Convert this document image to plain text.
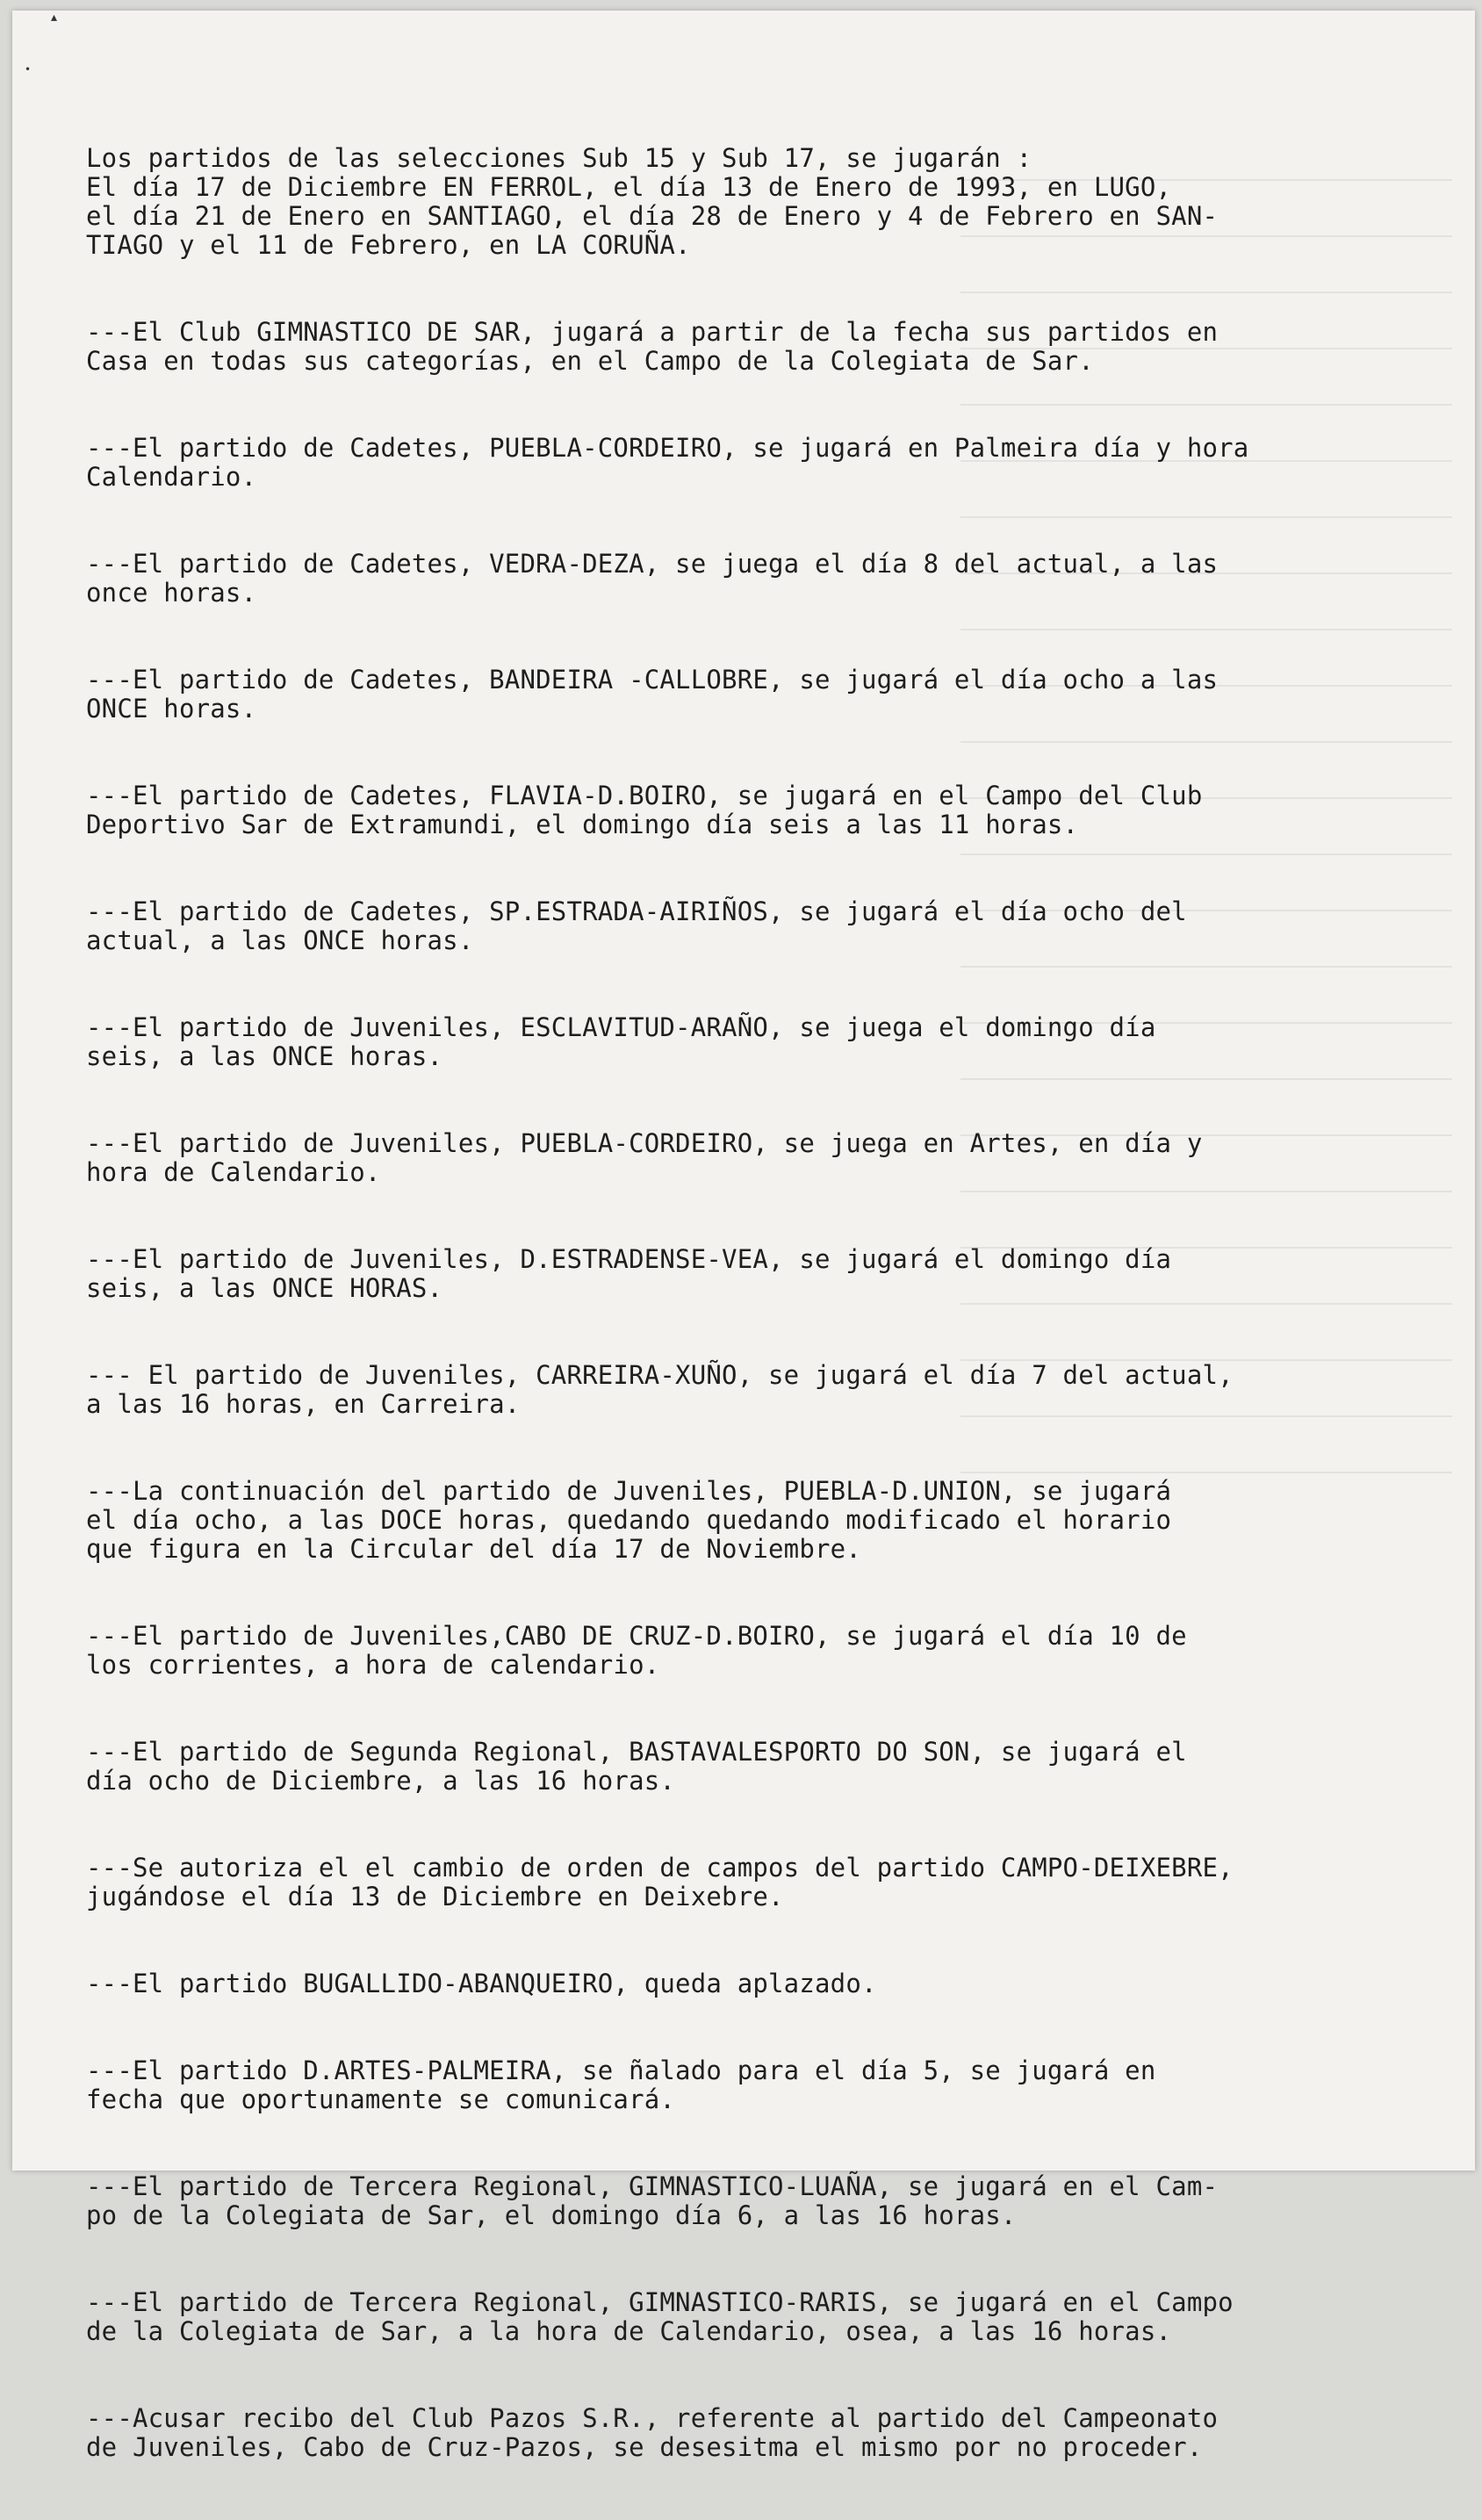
▴
•

Los partidos de las selecciones Sub 15 y Sub 17, se jugarán :
El día 17 de Diciembre EN FERROL, el día 13 de Enero de 1993, en LUGO,
el día 21 de Enero en SANTIAGO, el día 28 de Enero y 4 de Febrero en SAN-
TIAGO y el 11 de Febrero, en LA CORUÑA.

---El Club GIMNASTICO DE SAR, jugará a partir de la fecha sus partidos en
Casa en todas sus categorías, en el Campo de la Colegiata de Sar.

---El partido de Cadetes, PUEBLA-CORDEIRO, se jugará en Palmeira día y hora
Calendario.

---El partido de Cadetes, VEDRA-DEZA, se juega el día 8 del actual, a las
once horas.

---El partido de Cadetes, BANDEIRA -CALLOBRE, se jugará el día ocho a las
ONCE horas.

---El partido de Cadetes, FLAVIA-D.BOIRO, se jugará en el Campo del Club
Deportivo Sar de Extramundi, el domingo día seis a las 11 horas.

---El partido de Cadetes, SP.ESTRADA-AIRIÑOS, se jugará el día ocho del
actual, a las ONCE horas.

---El partido de Juveniles, ESCLAVITUD-ARAÑO, se juega el domingo día
seis, a las ONCE horas.

---El partido de Juveniles, PUEBLA-CORDEIRO, se juega en Artes, en día y
hora de Calendario.

---El partido de Juveniles, D.ESTRADENSE-VEA, se jugará el domingo día
seis, a las ONCE HORAS.

--- El partido de Juveniles, CARREIRA-XUÑO, se jugará el día 7 del actual,
a las 16 horas, en Carreira.

---La continuación del partido de Juveniles, PUEBLA-D.UNION, se jugará
el día ocho, a las DOCE horas, quedando quedando modificado el horario
que figura en la Circular del día 17 de Noviembre.

---El partido de Juveniles,CABO DE CRUZ-D.BOIRO, se jugará el día 10 de
los corrientes, a hora de calendario.

---El partido de Segunda Regional, BASTAVALESPORTO DO SON, se jugará el
día ocho de Diciembre, a las 16 horas.

---Se autoriza el el cambio de orden de campos del partido CAMPO-DEIXEBRE,
jugándose el día 13 de Diciembre en Deixebre.

---El partido BUGALLIDO-ABANQUEIRO, queda aplazado.

---El partido D.ARTES-PALMEIRA, se ñalado para el día 5, se jugará en
fecha que oportunamente se comunicará.

---El partido de Tercera Regional, GIMNASTICO-LUAÑA, se jugará en el Cam-
po de la Colegiata de Sar, el domingo día 6, a las 16 horas.

---El partido de Tercera Regional, GIMNASTICO-RARIS, se jugará en el Campo
de la Colegiata de Sar, a la hora de Calendario, osea, a las 16 horas.

---Acusar recibo del Club Pazos S.R., referente al partido del Campeonato
de Juveniles, Cabo de Cruz-Pazos, se desesitma el mismo por no proceder.
